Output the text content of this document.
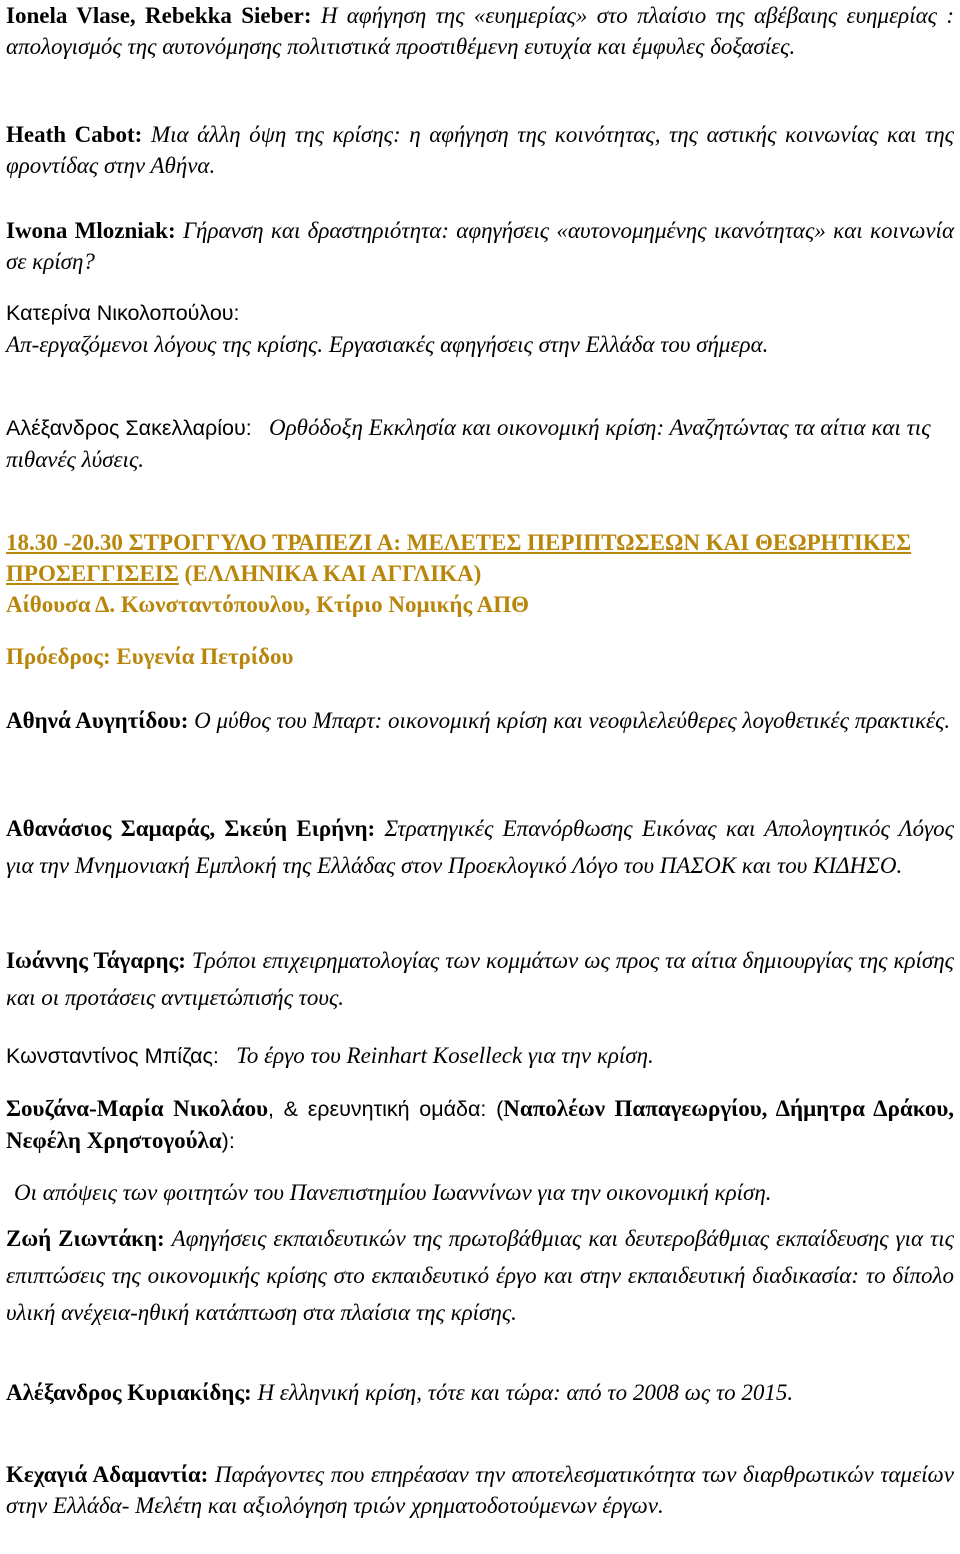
Ionela Vlase, Rebekka Sieber: Η αφήγηση της «ευημερίας» στο πλαίσιο της αβέβαιης ευημερίας : απολογισμός της αυτονόμησης πολιτιστικά προστιθέμενη ευτυχία και έμφυλες δοξασίες.

Heath Cabot: Μια άλλη όψη της κρίσης: η αφήγηση της κοινότητας, της αστικής κοινωνίας και της φροντίδας στην Αθήνα.

Iwona Mlozniak: Γήρανση και δραστηριότητα: αφηγήσεις «αυτονομημένης ικανότητας» και κοινωνία σε κρίση?

Κατερίνα Νικολοπούλου:
Απ-εργαζόμενοι λόγους της κρίσης. Εργασιακές αφηγήσεις στην Ελλάδα του σήμερα.

Αλέξανδρος Σακελλαρίου: Ορθόδοξη Εκκλησία και οικονομική κρίση: Αναζητώντας τα αίτια και τις πιθανές λύσεις.

18.30 -20.30 ΣΤΡΟΓΓΥΛΟ ΤΡΑΠΕΖΙ Α: ΜΕΛΕΤΕΣ ΠΕΡΙΠΤΩΣΕΩΝ ΚΑΙ ΘΕΩΡΗΤΙΚΕΣ ΠΡΟΣΕΓΓΙΣΕΙΣ (ΕΛΛΗΝΙΚΑ ΚΑΙ ΑΓΓΛΙΚΑ)
Αίθουσα Δ. Κωνσταντόπουλου, Κτίριο Νομικής ΑΠΘ

Πρόεδρος: Ευγενία Πετρίδου

Αθηνά Αυγητίδου: Ο μύθος του Μπαρτ: οικονομική κρίση και νεοφιλελεύθερες λογοθετικές πρακτικές.

Αθανάσιος Σαμαράς, Σκεύη Ειρήνη: Στρατηγικές Επανόρθωσης Εικόνας και Απολογητικός Λόγος για την Μνημονιακή Εμπλοκή της Ελλάδας στον Προεκλογικό Λόγο του ΠΑΣΟΚ και του ΚΙΔΗΣΟ.

Ιωάννης Τάγαρης: Τρόποι επιχειρηματολογίας των κομμάτων ως προς τα αίτια δημιουργίας της κρίσης και οι προτάσεις αντιμετώπισής τους.

Κωνσταντίνος Μπίζας: Το έργο του Reinhart Koselleck για την κρίση.

Σουζάνα-Μαρία Νικολάου, & ερευνητική ομάδα: (Ναπολέων Παπαγεωργίου, Δήμητρα Δράκου, Νεφέλη Χρηστογούλα):

Οι απόψεις των φοιτητών του Πανεπιστημίου Ιωαννίνων για την οικονομική κρίση.

Ζωή Ζιωντάκη: Αφηγήσεις εκπαιδευτικών της πρωτοβάθμιας και δευτεροβάθμιας εκπαίδευσης για τις επιπτώσεις της οικονομικής κρίσης στο εκπαιδευτικό έργο και στην εκπαιδευτική διαδικασία: το δίπολο υλική ανέχεια-ηθική κατάπτωση στα πλαίσια της κρίσης.

Αλέξανδρος Κυριακίδης: Η ελληνική κρίση, τότε και τώρα: από το 2008 ως το 2015.

Κεχαγιά Αδαμαντία: Παράγοντες που επηρέασαν την αποτελεσματικότητα των διαρθρωτικών ταμείων στην Ελλάδα- Μελέτη και αξιολόγηση τριών χρηματοδοτούμενων έργων.
